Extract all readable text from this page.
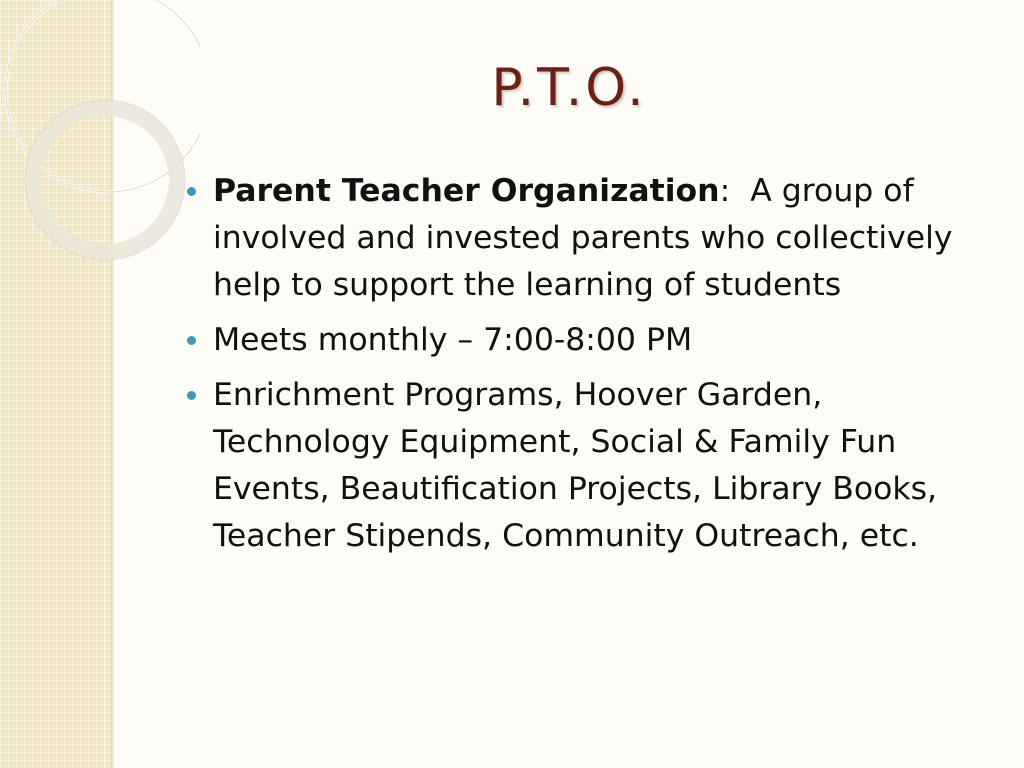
P.T.O.
Parent Teacher Organization:  A group of involved and invested parents who collectively help to support the learning of students
Meets monthly – 7:00-8:00 PM
Enrichment Programs, Hoover Garden, Technology Equipment, Social & Family Fun Events, Beautification Projects, Library Books, Teacher Stipends, Community Outreach, etc.
